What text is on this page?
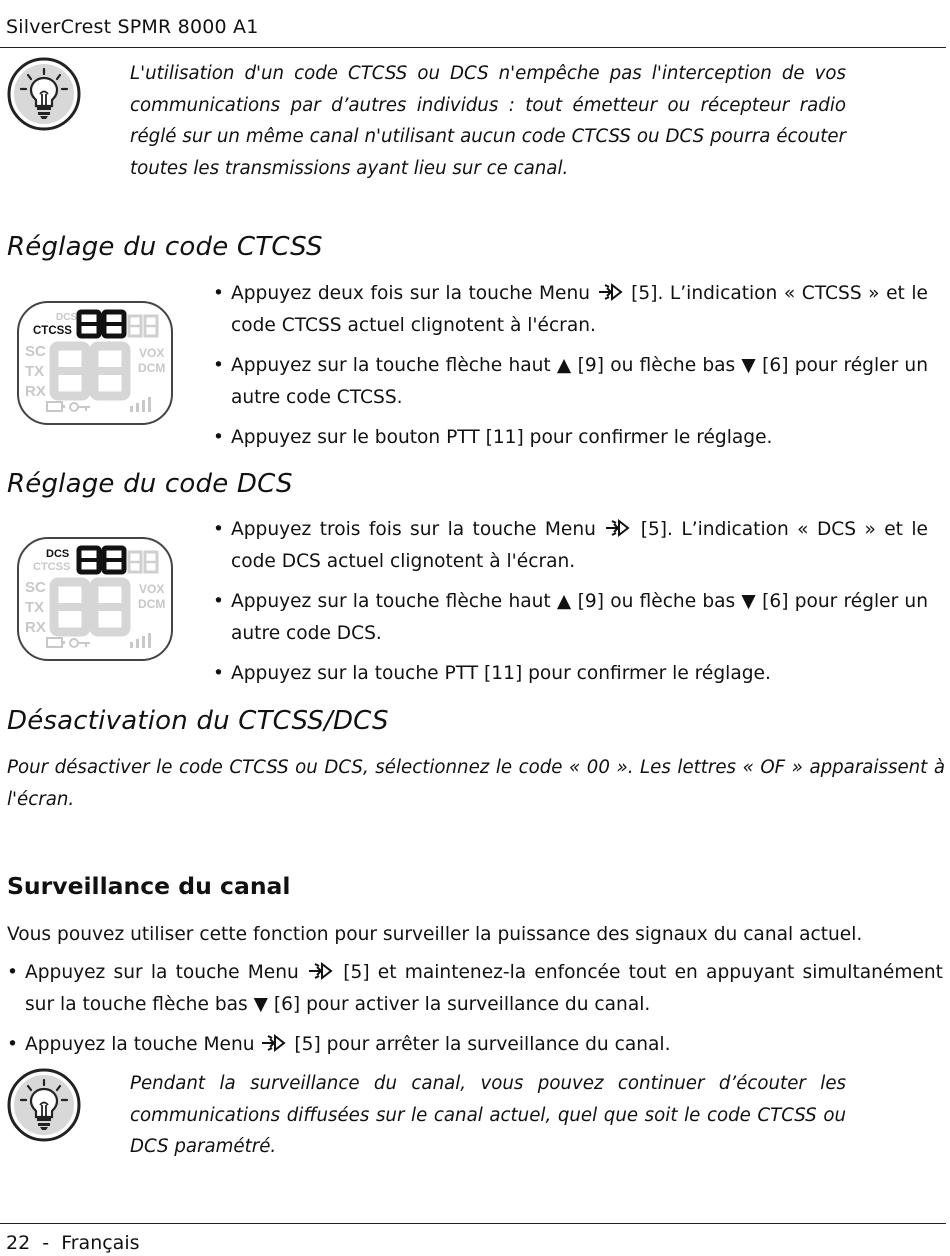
SilverCrest SPMR 8000 A1
L'utilisation d'un code CTCSS ou DCS n'empêche pas l'interception de vos communications par d’autres individus : tout émetteur ou récepteur radio réglé sur un même canal n'utilisant aucun code CTCSS ou DCS pourra écouter toutes les transmissions ayant lieu sur ce canal.
Réglage du code CTCSS
DCS
CTCSS
SC
TX
RX
VOX
DCM
• Appuyez deux fois sur la touche Menu [5]. L’indication « CTCSS » et le code CTCSS actuel clignotent à l'écran.
• Appuyez sur la touche flèche haut ▲ [9] ou flèche bas ▼ [6] pour régler un autre code CTCSS.
• Appuyez sur le bouton PTT [11] pour confirmer le réglage.
Réglage du code DCS
DCS
CTCSS
SC
TX
RX
VOX
DCM
• Appuyez trois fois sur la touche Menu [5]. L’indication « DCS » et le code DCS actuel clignotent à l'écran.
• Appuyez sur la touche flèche haut ▲ [9] ou flèche bas ▼ [6] pour régler un autre code DCS.
• Appuyez sur la touche PTT [11] pour confirmer le réglage.
Désactivation du CTCSS/DCS
Pour désactiver le code CTCSS ou DCS, sélectionnez le code « 00 ». Les lettres « OF » apparaissent à l'écran.
Surveillance du canal
Vous pouvez utiliser cette fonction pour surveiller la puissance des signaux du canal actuel.
• Appuyez sur la touche Menu [5] et maintenez-la enfoncée tout en appuyant simultanément sur la touche flèche bas ▼ [6] pour activer la surveillance du canal.
• Appuyez la touche Menu [5] pour arrêter la surveillance du canal.
Pendant la surveillance du canal, vous pouvez continuer d’écouter les communications diffusées sur le canal actuel, quel que soit le code CTCSS ou DCS paramétré.
22  -  Français
